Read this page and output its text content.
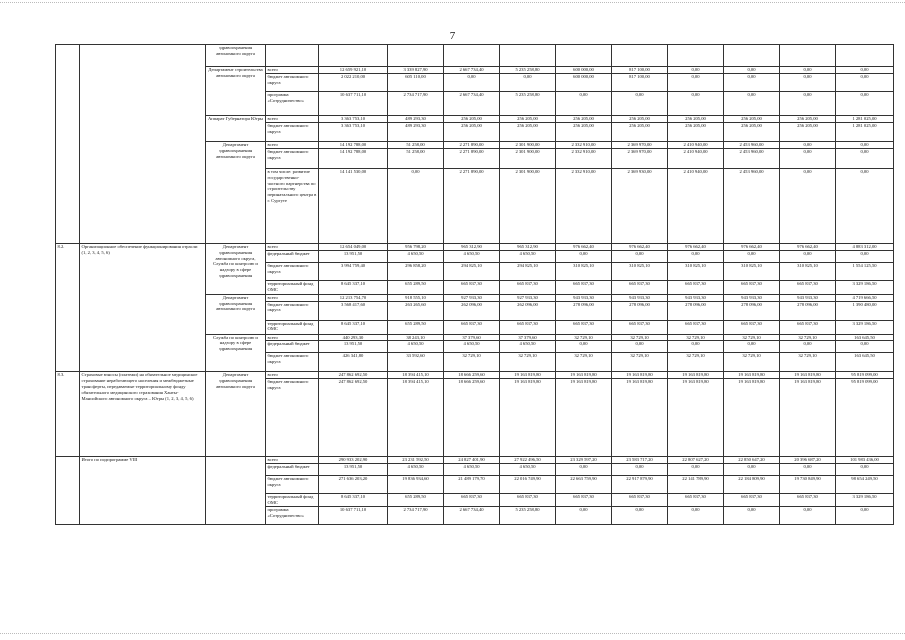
7
		здравоохранения автономного округа											
		Департамент строительства автономного округа	всего	12 659 921,10	3 339 827,90	2 667 734,40	5 235 258,80	600 000,00	817 100,00	0,00	0,00	0,00	0,00
			бюджет автономного округа	2 022 210,00	605 110,00	0,00	0,00	600 000,00	817 100,00	0,00	0,00	0,00	0,00
			программа «Сотрудничество»	10 637 711,10	2 734 717,90	2 667 734,40	5 235 258,80	0,00	0,00	0,00	0,00	0,00	0,00
		Аппарат Губернатора Югры	всего	3 363 753,10	489 293,30	256 205,00	256 205,00	256 205,00	256 205,00	256 205,00	256 205,00	256 205,00	1 281 025,00
			бюджет автономного округа	3 363 753,10	489 293,30	256 205,00	256 205,00	256 205,00	256 205,00	256 205,00	256 205,00	256 205,00	1 281 025,00
		Департамент здравоохранения автономного округа	всего	14 192 788,00	51 258,00	2 271 890,00	2 301 900,00	2 332 910,00	2 369 970,00	2 410 940,00	2 453 960,00	0,00	0,00
			бюджет автономного округа	14 192 788,00	51 258,00	2 271 890,00	2 301 900,00	2 332 910,00	2 369 970,00	2 410 940,00	2 453 960,00	0,00	0,00
			в том числе: развитие государственно-частного партнерства по строительству перинатального центра в г. Сургуте	14 141 530,00	0,00	2 271 890,00	2 301 900,00	2 332 910,00	2 369 930,00	2 410 940,00	2 453 960,00	0,00	0,00
8.2.	Организационное обеспечение функционирования отрасли (1, 2, 3, 4, 5, 6)	Департамент здравоохранения автономного округа, Служба по контролю и надзору в сфере здравоохранения	всего	12 654 049,00	956 798,20	965 312,90	965 312,90	976 662,40	976 662,40	976 662,40	976 662,40	976 662,40	4 883 312,00
			федеральный бюджет	13 951,50	4 650,50	4 650,50	4 650,50	0,00	0,00	0,00	0,00	0,00	0,00
			бюджет автономного округа	3 994 759,40	296 858,20	294 825,10	294 825,10	310 825,10	310 825,10	310 825,10	310 825,10	310 825,10	1 554 125,50
			территориальный фонд ОМС	8 645 337,10	655 289,50	665 837,30	665 837,30	665 837,30	665 837,30	665 837,30	665 837,30	665 837,30	3 329 186,50
		Департамент здравоохранения автономного округа	всего	12 213 754,70	918 555,10	927 933,30	927 933,30	943 933,30	943 933,30	943 933,30	943 933,30	943 933,30	4 719 666,50
			бюджет автономного округа	3 568 417,60	263 265,60	262 096,00	262 096,00	278 096,00	278 096,00	278 096,00	278 096,00	278 096,00	1 390 480,00
			территориальный фонд ОМС	8 645 337,10	655 289,50	665 837,30	665 837,30	665 837,30	665 837,30	665 837,30	665 837,30	665 837,30	3 329 186,50
		Служба по контролю и надзору в сфере здравоохранения	всего	440 293,30	38 243,10	37 379,60	37 379,60	32 729,10	32 729,10	32 729,10	32 729,10	32 729,10	163 645,50
			федеральный бюджет	13 951,50	4 650,50	4 650,50	4 650,50	0,00	0,00	0,00	0,00	0,00	0,00
			бюджет автономного округа	426 341,80	33 592,60	32 729,10	32 729,10	32 729,10	32 729,10	32 729,10	32 729,10	32 729,10	163 645,50
8.3.	Страховые взносы (платежи) на обязательное медицинское страхование неработающего населения и межбюджетные трансферты, передаваемые территориальному фонду обязательного медицинского страхования Ханты-Мансийского автономного округа – Югры (1, 2, 3, 4, 5, 6)	Департамент здравоохранения автономного округа	всего	247 862 692,50	18 394 415,10	18 666 259,60	19 163 819,80	19 163 819,80	19 163 819,80	19 163 819,80	19 163 819,80	19 163 819,80	95 819 099,00
			бюджет автономного округа	247 862 692,50	18 394 415,10	18 666 259,60	19 163 819,80	19 163 819,80	19 163 819,80	19 163 819,80	19 163 819,80	19 163 819,80	95 819 099,00
	Итого по подпрограмме VIII		всего	290 933 202,90	23 231 592,50	24 827 401,90	27 922 496,50	23 329 597,20	23 583 717,20	22 807 627,20	22 850 647,20	20 396 687,20	101 983 436,00
			федеральный бюджет	13 951,50	4 650,50	4 650,50	4 650,50	0,00	0,00	0,00	0,00	0,00	0,00
			бюджет автономного округа	271 636 203,20	19 836 934,60	21 489 179,70	22 016 749,90	22 663 759,90	22 917 879,90	22 141 789,90	22 184 809,90	19 730 849,90	98 654 249,50
			территориальный фонд ОМС	8 645 337,10	655 289,50	665 837,30	665 837,30	665 837,30	665 837,30	665 837,30	665 837,30	665 837,30	3 329 186,50
			программа «Сотрудничество»	10 637 711,10	2 734 717,90	2 667 734,40	5 235 258,80	0,00	0,00	0,00	0,00	0,00	0,00
